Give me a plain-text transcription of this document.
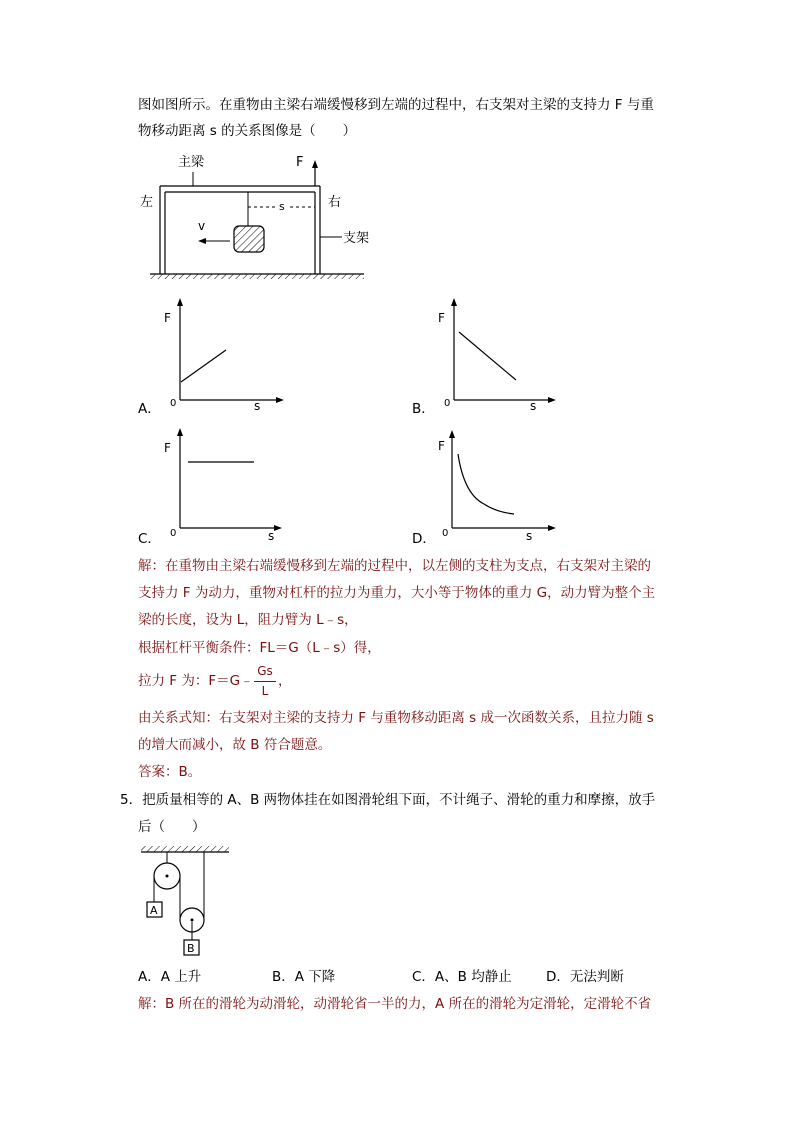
图如图所示。在重物由主梁右端缓慢移到左端的过程中，右支架对主梁的支持力 F 与重
物移动距离 s 的关系图像是（　　）
主梁	F
左	右
s
v
支架
A．
F
0	s	B．
F
0	s
C．
F
0	s	D．
F
0	s
解：在重物由主梁右端缓慢移到左端的过程中，以左侧的支柱为支点，右支架对主梁的
支持力 F 为动力，重物对杠杆的拉力为重力，大小等于物体的重力 G，动力臂为整个主
梁的长度，设为 L，阻力臂为 L﹣s，
根据杠杆平衡条件：FL＝G（L﹣s）得，
拉力 F 为：F＝G﹣
Gs
L
，
由关系式知：右支架对主梁的支持力 F 与重物移动距离 s 成一次函数关系，且拉力随 s
的增大而减小，故 B 符合题意。
答案：B。
5．把质量相等的 A、B 两物体挂在如图滑轮组下面，不计绳子、滑轮的重力和摩擦，放手
后（　　）
A
B
A．A 上升	B．A 下降	C．A、B 均静止	D．无法判断
解：B 所在的滑轮为动滑轮，动滑轮省一半的力，A 所在的滑轮为定滑轮，定滑轮不省
